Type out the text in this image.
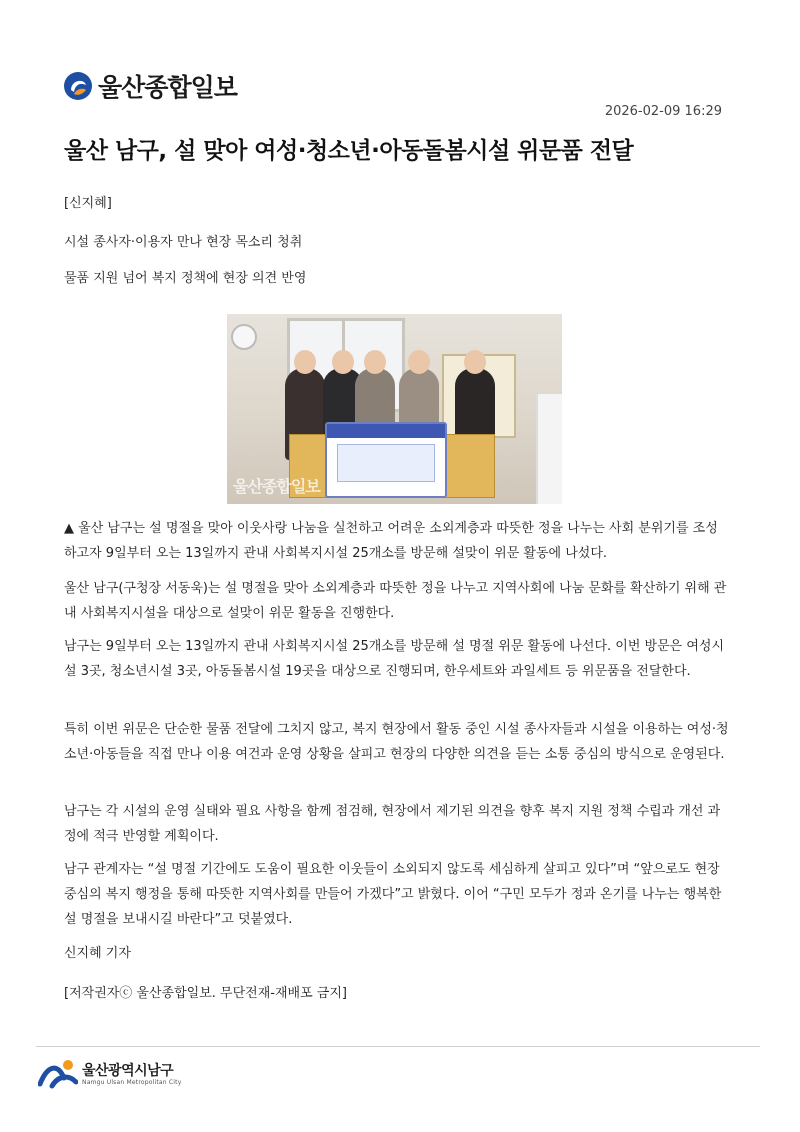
울산종합일보
2026-02-09 16:29
울산 남구, 설 맞아 여성·청소년·아동돌봄시설 위문품 전달
[신지혜]
시설 종사자·이용자 만나 현장 목소리 청취
물품 지원 넘어 복지 정책에 현장 의견 반영
울산종합일보
▲ 울산 남구는 설 명절을 맞아 이웃사랑 나눔을 실천하고 어려운 소외계층과 따뜻한 정을 나누는 사회 분위기를 조성하고자 9일부터 오는 13일까지 관내 사회복지시설 25개소를 방문해 설맞이 위문 활동에 나섰다.
울산 남구(구청장 서동욱)는 설 명절을 맞아 소외계층과 따뜻한 정을 나누고 지역사회에 나눔 문화를 확산하기 위해 관내 사회복지시설을 대상으로 설맞이 위문 활동을 진행한다.
남구는 9일부터 오는 13일까지 관내 사회복지시설 25개소를 방문해 설 명절 위문 활동에 나선다. 이번 방문은 여성시설 3곳, 청소년시설 3곳, 아동돌봄시설 19곳을 대상으로 진행되며, 한우세트와 과일세트 등 위문품을 전달한다.
특히 이번 위문은 단순한 물품 전달에 그치지 않고, 복지 현장에서 활동 중인 시설 종사자들과 시설을 이용하는 여성·청소년·아동들을 직접 만나 이용 여건과 운영 상황을 살피고 현장의 다양한 의견을 듣는 소통 중심의 방식으로 운영된다.
남구는 각 시설의 운영 실태와 필요 사항을 함께 점검해, 현장에서 제기된 의견을 향후 복지 지원 정책 수립과 개선 과정에 적극 반영할 계획이다.
남구 관계자는 “설 명절 기간에도 도움이 필요한 이웃들이 소외되지 않도록 세심하게 살피고 있다”며 “앞으로도 현장 중심의 복지 행정을 통해 따뜻한 지역사회를 만들어 가겠다”고 밝혔다. 이어 “구민 모두가 정과 온기를 나누는 행복한 설 명절을 보내시길 바란다”고 덧붙였다.
신지혜 기자
[저작권자ⓒ 울산종합일보. 무단전재-재배포 금지]
울산광역시남구
Namgu Ulsan Metropolitan City
